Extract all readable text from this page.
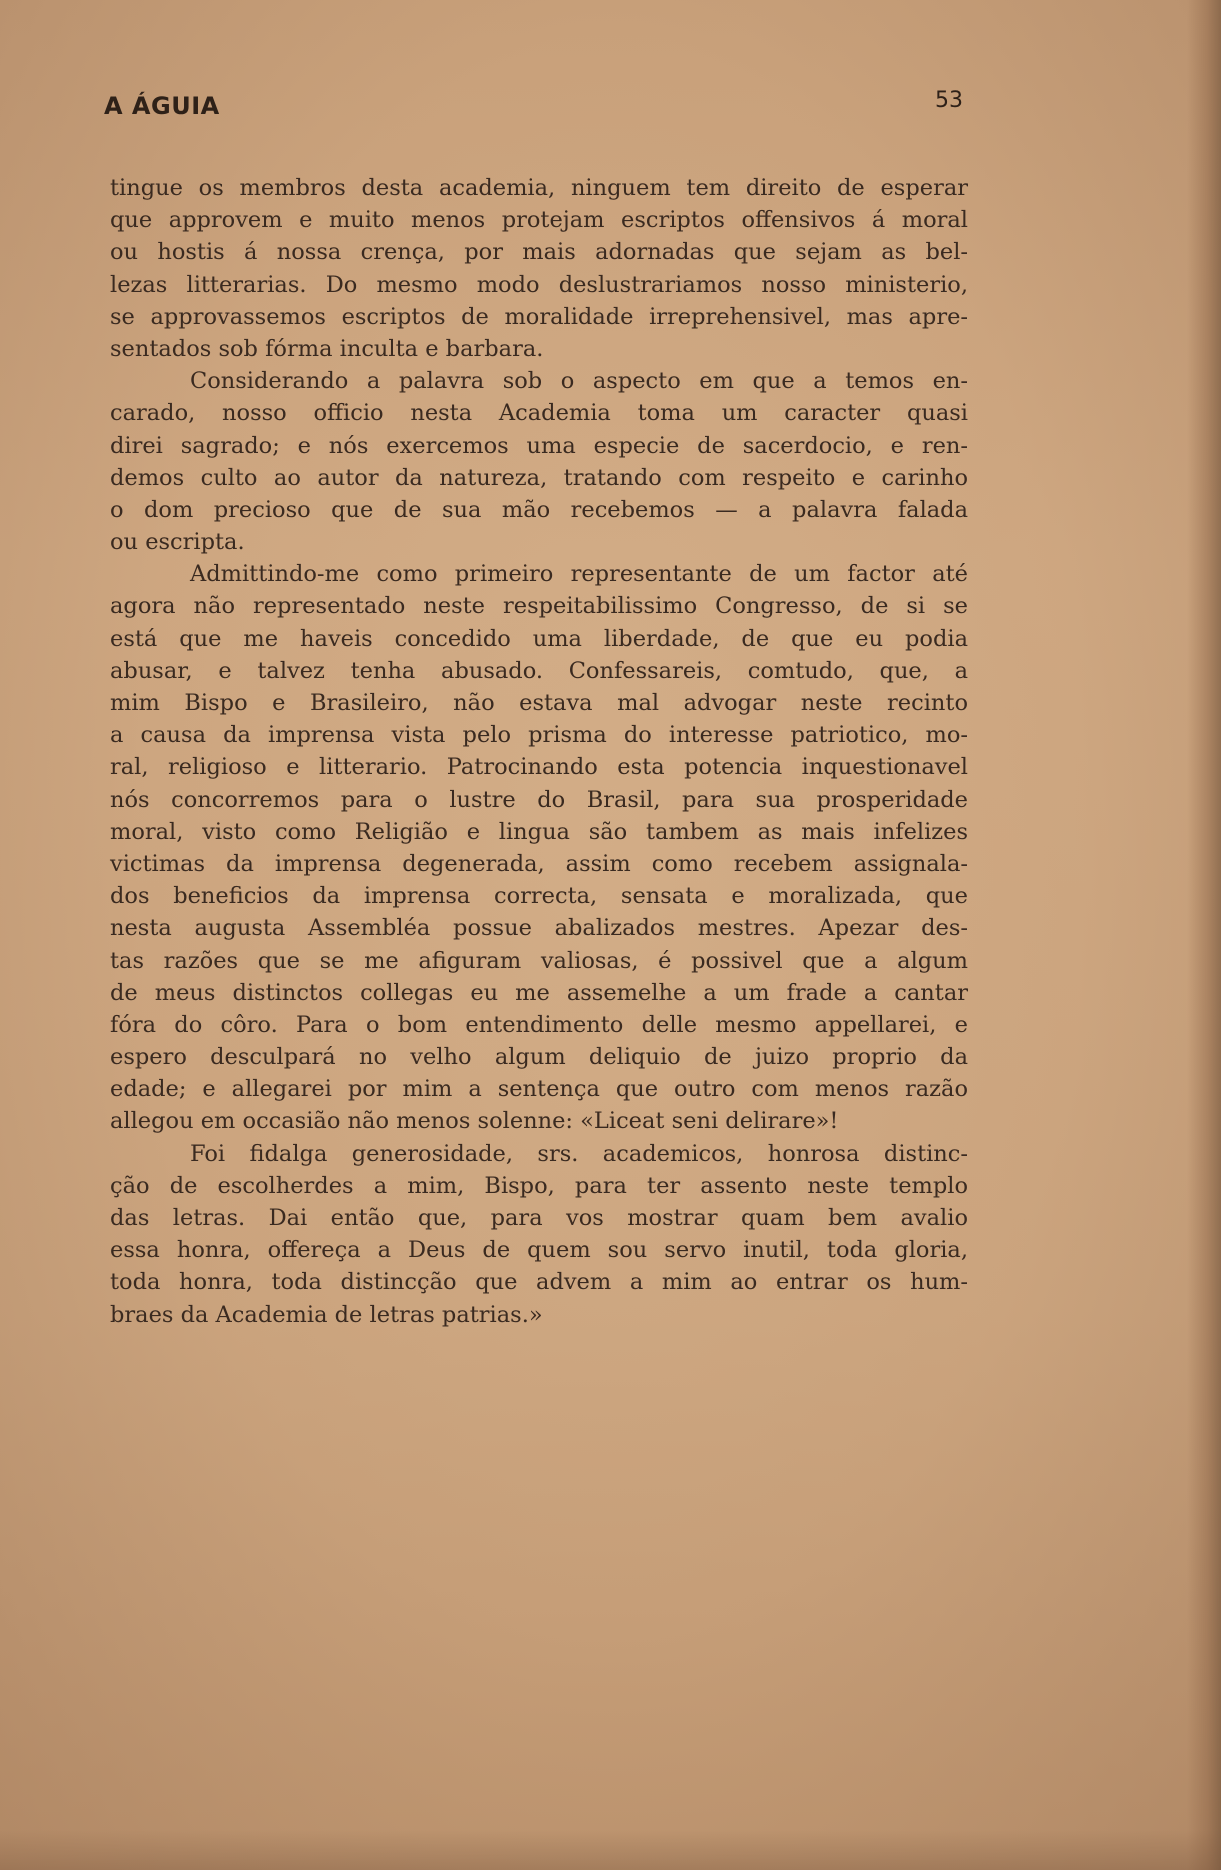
A ÁGUIA	53
tingue os membros desta academia, ninguem tem direito de esperar
que approvem e muito menos protejam escriptos offensivos á moral
ou hostis á nossa crença, por mais adornadas que sejam as bel-
lezas litterarias. Do mesmo modo deslustrariamos nosso ministerio,
se approvassemos escriptos de moralidade irreprehensivel, mas apre-
sentados sob fórma inculta e barbara.
Considerando a palavra sob o aspecto em que a temos en-
carado, nosso officio nesta Academia toma um caracter quasi
direi sagrado; e nós exercemos uma especie de sacerdocio, e ren-
demos culto ao autor da natureza, tratando com respeito e carinho
o dom precioso que de sua mão recebemos — a palavra falada
ou escripta.
Admittindo-me como primeiro representante de um factor até
agora não representado neste respeitabilissimo Congresso, de si se
está que me haveis concedido uma liberdade, de que eu podia
abusar, e talvez tenha abusado. Confessareis, comtudo, que, a
mim Bispo e Brasileiro, não estava mal advogar neste recinto
a causa da imprensa vista pelo prisma do interesse patriotico, mo-
ral, religioso e litterario. Patrocinando esta potencia inquestionavel
nós concorremos para o lustre do Brasil, para sua prosperidade
moral, visto como Religião e lingua são tambem as mais infelizes
victimas da imprensa degenerada, assim como recebem assignala-
dos beneficios da imprensa correcta, sensata e moralizada, que
nesta augusta Assembléa possue abalizados mestres. Apezar des-
tas razões que se me afiguram valiosas, é possivel que a algum
de meus distinctos collegas eu me assemelhe a um frade a cantar
fóra do côro. Para o bom entendimento delle mesmo appellarei, e
espero desculpará no velho algum deliquio de juizo proprio da
edade; e allegarei por mim a sentença que outro com menos razão
allegou em occasião não menos solenne: «Liceat seni delirare»!
Foi fidalga generosidade, srs. academicos, honrosa distinc-
ção de escolherdes a mim, Bispo, para ter assento neste templo
das letras. Dai então que, para vos mostrar quam bem avalio
essa honra, offereça a Deus de quem sou servo inutil, toda gloria,
toda honra, toda distincção que advem a mim ao entrar os hum-
braes da Academia de letras patrias.»
